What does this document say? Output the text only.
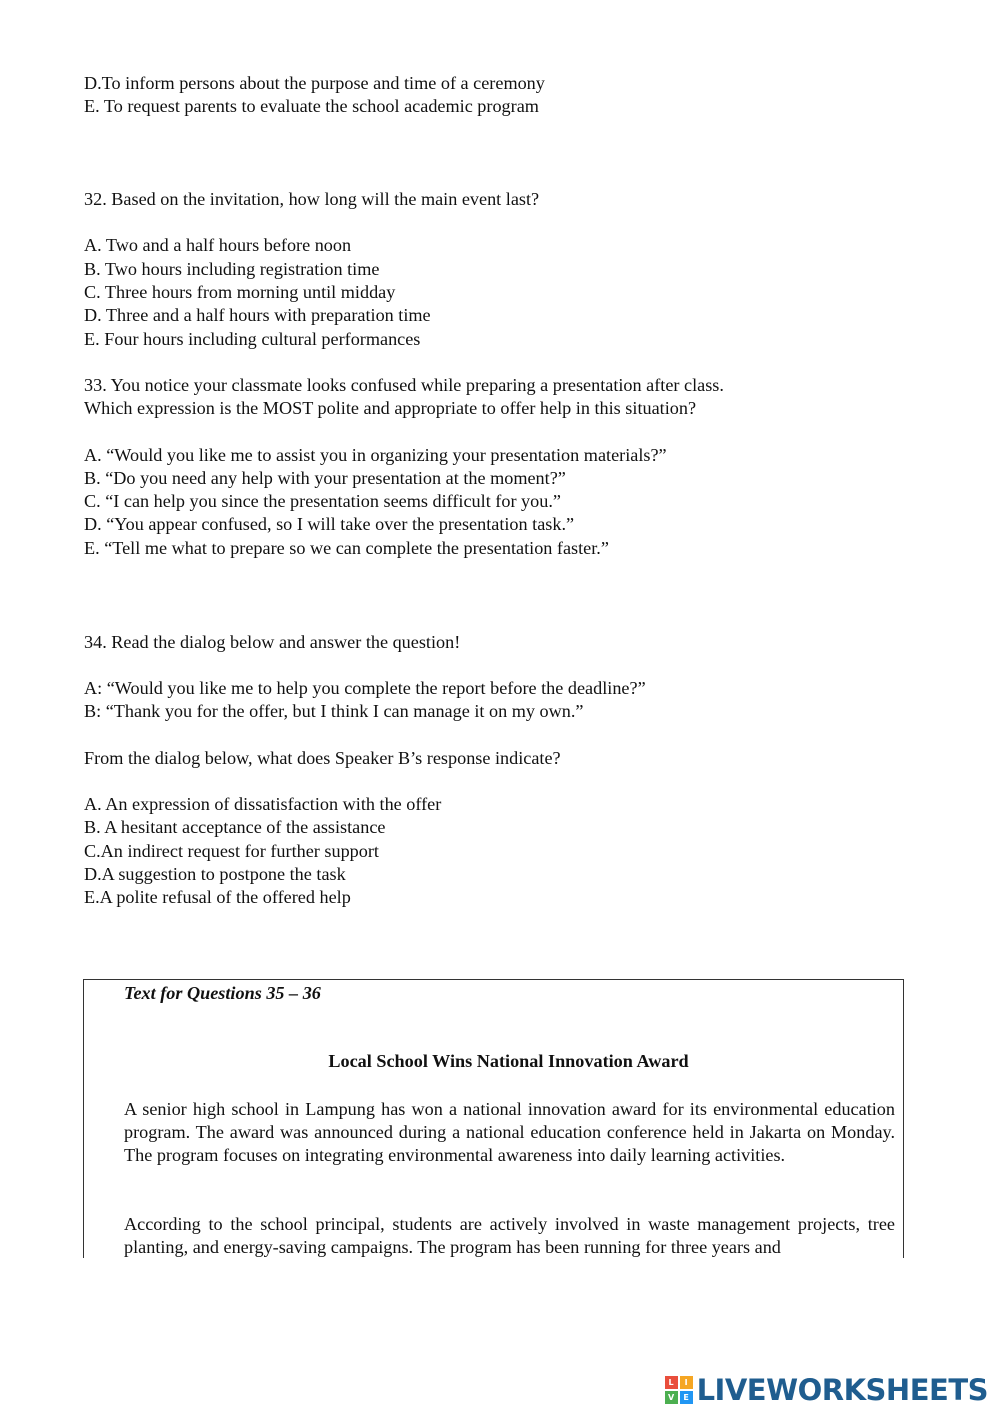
D.To inform persons about the purpose and time of a ceremony
E. To request parents to evaluate the school academic program
32. Based on the invitation, how long will the main event last?
A. Two and a half hours before noon
B. Two hours including registration time
C. Three hours from morning until midday
D. Three and a half hours with preparation time
E. Four hours including cultural performances
33. You notice your classmate looks confused while preparing a presentation after class.
Which expression is the MOST polite and appropriate to offer help in this situation?
A. “Would you like me to assist you in organizing your presentation materials?”
B. “Do you need any help with your presentation at the moment?”
C. “I can help you since the presentation seems difficult for you.”
D. “You appear confused, so I will take over the presentation task.”
E. “Tell me what to prepare so we can complete the presentation faster.”
34. Read the dialog below and answer the question!
A: “Would you like me to help you complete the report before the deadline?”
B: “Thank you for the offer, but I think I can manage it on my own.”
From the dialog below, what does Speaker B’s response indicate?
A. An expression of dissatisfaction with the offer
B. A hesitant acceptance of the assistance
C.An indirect request for further support
D.A suggestion to postpone the task
E.A polite refusal of the offered help
Text for Questions 35 – 36
Local School Wins National Innovation Award

A senior high school in Lampung has won a national innovation award for its environmental education program. The award was announced during a national education conference held in Jakarta on Monday. The program focuses on integrating environmental awareness into daily learning activities.

According to the school principal, students are actively involved in waste management projects, tree planting, and energy-saving campaigns. The program has been running for three years and

L	I
V	E LIVEWORKSHEETS
